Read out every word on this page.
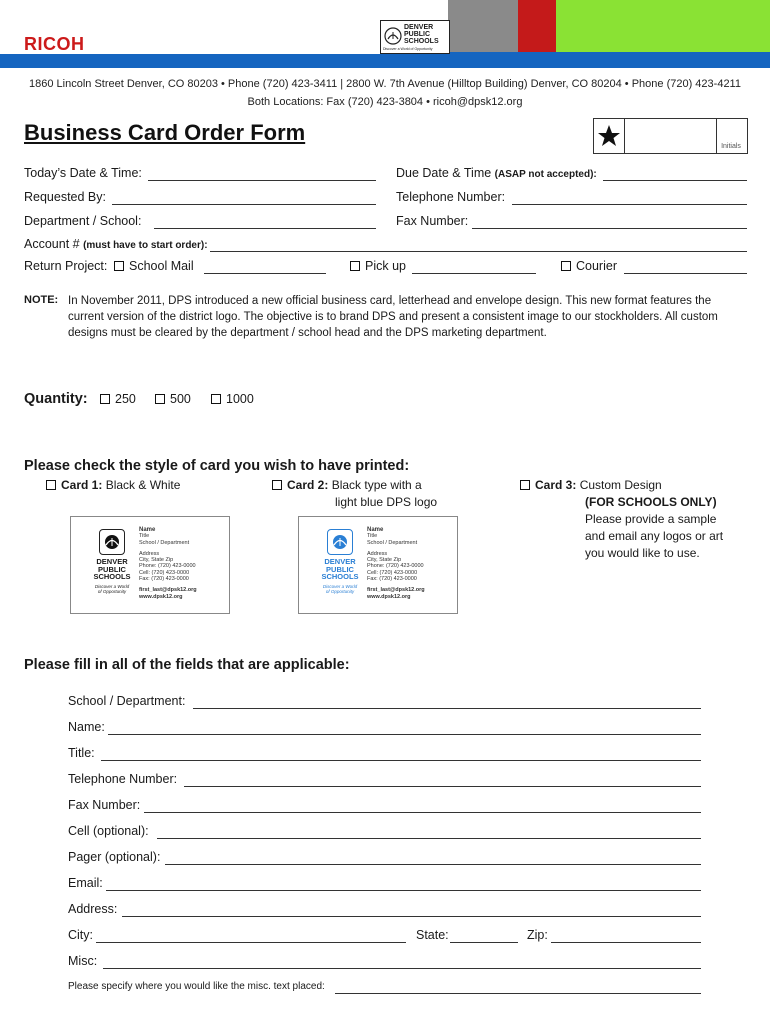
RICOH
DENVER
PUBLIC
SCHOOLS
Discover a World of Opportunity
1860 Lincoln Street Denver, CO 80203 • Phone (720) 423-3411 | 2800 W. 7th Avenue (Hilltop Building) Denver, CO 80204 • Phone (720) 423-4211
Both Locations: Fax (720) 423-3804 • ricoh@dpsk12.org
Business Card Order Form
Initials
Today’s Date & Time:	Due Date & Time (ASAP not accepted):
Requested By:	Telephone Number:
Department / School:	Fax Number:
Account # (must have to start order):
Return Project:	School Mail	Pick up	Courier
NOTE: In November 2011, DPS introduced a new official business card, letterhead and envelope design. This new format features the current version of the district logo. The objective is to brand DPS and present a consistent image to our stockholders. All custom designs must be cleared by the department / school head and the DPS marketing department.
Quantity:	250	500	1000
Please check the style of card you wish to have printed:
Card 1: Black & White	Card 2: Black type with a
light blue DPS logo
Card 3: Custom Design
(FOR SCHOOLS ONLY)
Please provide a sample
and email any logos or art
you would like to use.
DENVER
PUBLIC
SCHOOLS
Discover a World
of Opportunity
Name
Title
School / Department
Address
City, State Zip
Phone: (720) 423-0000
Cell: (720) 423-0000
Fax: (720) 423-0000
first_last@dpsk12.org
www.dpsk12.org
DENVER
PUBLIC
SCHOOLS
Discover a World
of Opportunity
Name
Title
School / Department
Address
City, State Zip
Phone: (720) 423-0000
Cell: (720) 423-0000
Fax: (720) 423-0000
first_last@dpsk12.org
www.dpsk12.org
Please fill in all of the fields that are applicable:
School / Department:
Name:
Title:
Telephone Number:
Fax Number:
Cell (optional):
Pager (optional):
Email:
Address:
City:	State:	Zip:
Misc:
Please specify where you would like the misc. text placed:
